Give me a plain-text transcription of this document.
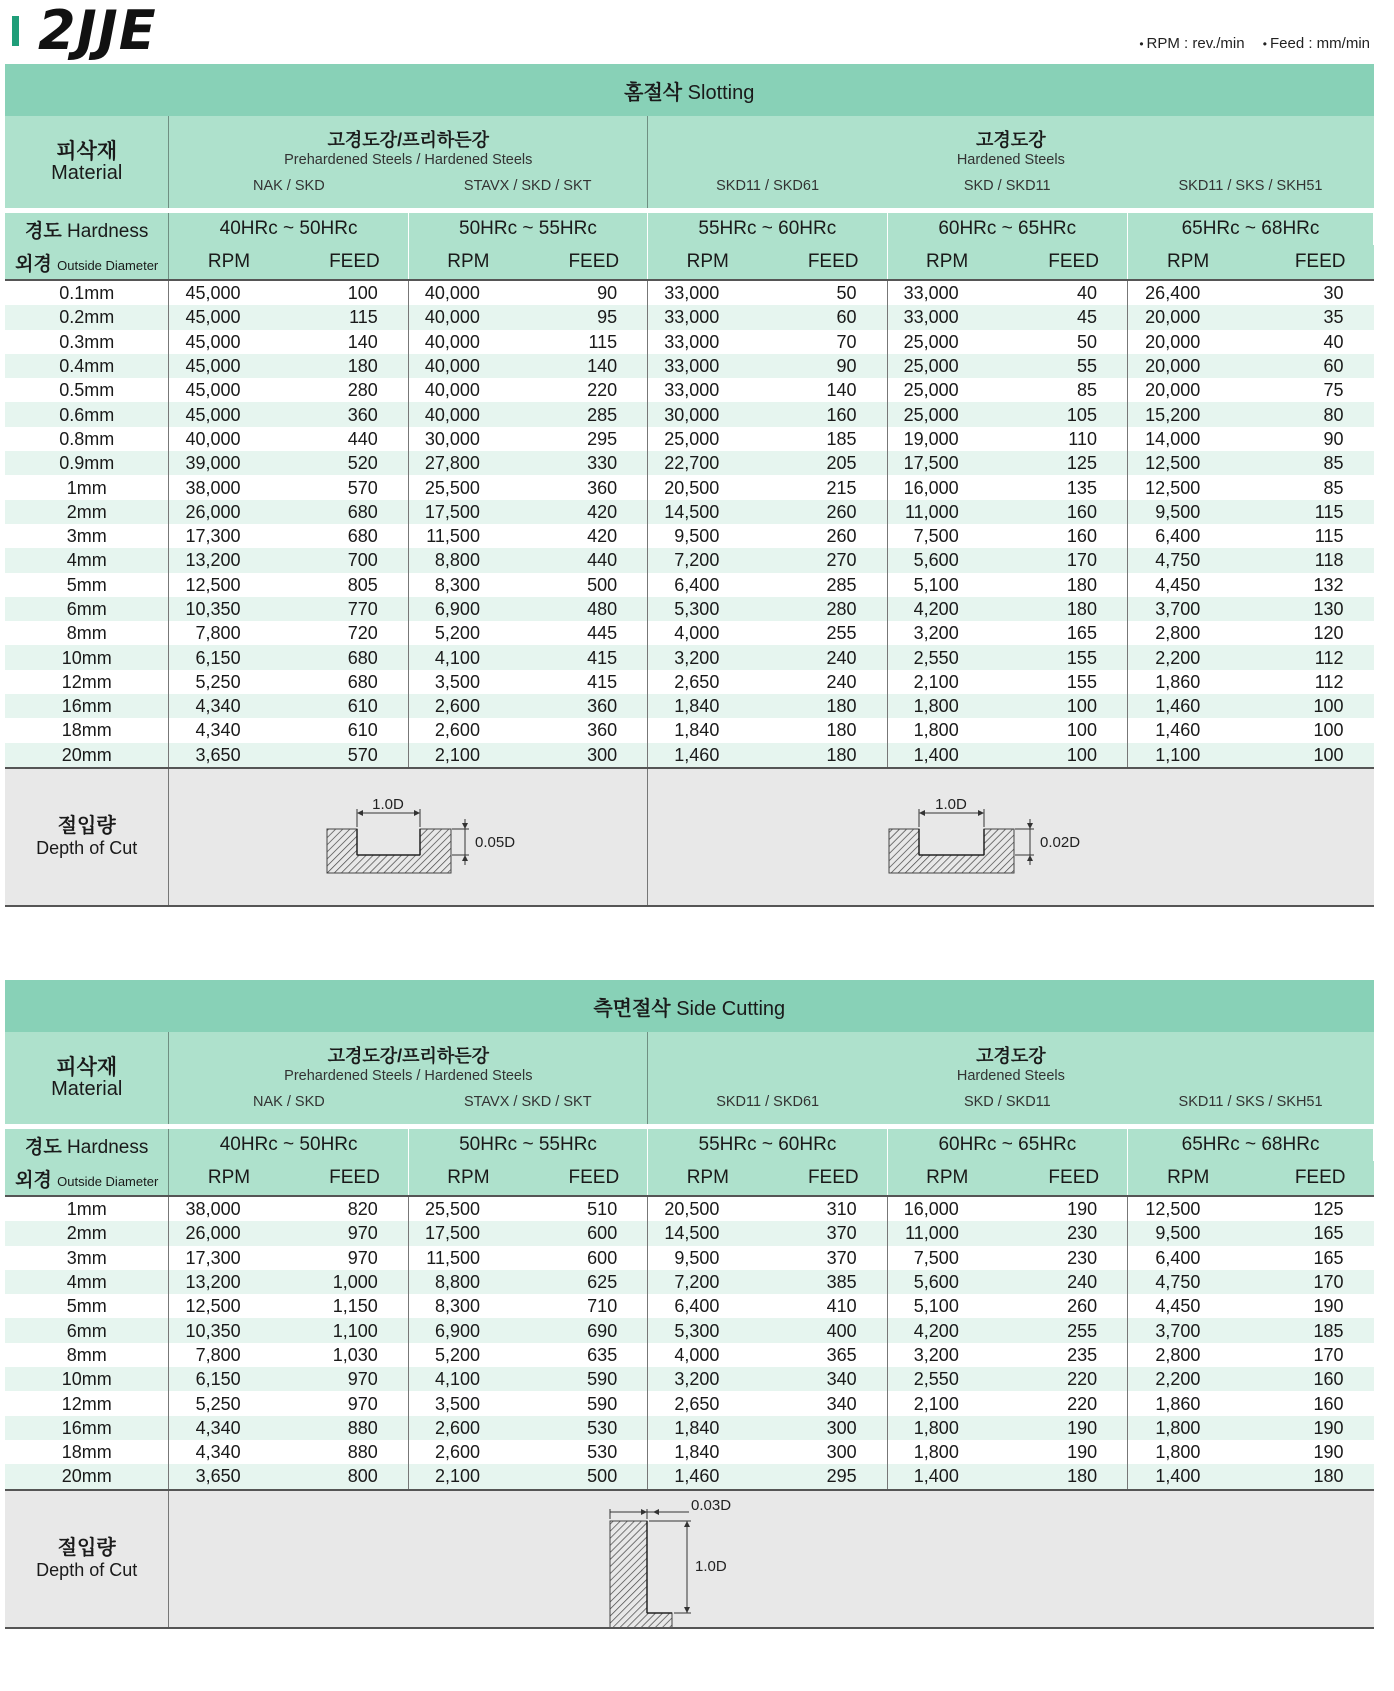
2JJE	• RPM : rev./min • Feed : mm/min
홈절삭 Slotting										
피삭재
Material	고경도강/프리하든강
Prehardened Steels / Hardened Steels				고경도강
Hardened Steels					
	NAK / SKD		STAVX / SKD / SKT		SKD11 / SKD61		SKD / SKD11		SKD11 / SKS / SKH51	

경도 Hardness	40HRc ~ 50HRc		50HRc ~ 55HRc		55HRc ~ 60HRc		60HRc ~ 65HRc		65HRc ~ 68HRc	
외경 Outside Diameter	RPM	FEED	RPM	FEED	RPM	FEED	RPM	FEED	RPM	FEED
0.1mm	45,000	100	40,000	90	33,000	50	33,000	40	26,400	30
0.2mm	45,000	115	40,000	95	33,000	60	33,000	45	20,000	35
0.3mm	45,000	140	40,000	115	33,000	70	25,000	50	20,000	40
0.4mm	45,000	180	40,000	140	33,000	90	25,000	55	20,000	60
0.5mm	45,000	280	40,000	220	33,000	140	25,000	85	20,000	75
0.6mm	45,000	360	40,000	285	30,000	160	25,000	105	15,200	80
0.8mm	40,000	440	30,000	295	25,000	185	19,000	110	14,000	90
0.9mm	39,000	520	27,800	330	22,700	205	17,500	125	12,500	85
1mm	38,000	570	25,500	360	20,500	215	16,000	135	12,500	85
2mm	26,000	680	17,500	420	14,500	260	11,000	160	9,500	115
3mm	17,300	680	11,500	420	9,500	260	7,500	160	6,400	115
4mm	13,200	700	8,800	440	7,200	270	5,600	170	4,750	118
5mm	12,500	805	8,300	500	6,400	285	5,100	180	4,450	132
6mm	10,350	770	6,900	480	5,300	280	4,200	180	3,700	130
8mm	7,800	720	5,200	445	4,000	255	3,200	165	2,800	120
10mm	6,150	680	4,100	415	3,200	240	2,550	155	2,200	112
12mm	5,250	680	3,500	415	2,650	240	2,100	155	1,860	112
16mm	4,340	610	2,600	360	1,840	180	1,800	100	1,460	100
18mm	4,340	610	2,600	360	1,840	180	1,800	100	1,460	100
20mm	3,650	570	2,100	300	1,460	180	1,400	100	1,100	100
절입량
Depth of Cut	1.0D
0.05D				1.0D
0.02D					
측면절삭 Side Cutting										
피삭재
Material	고경도강/프리하든강
Prehardened Steels / Hardened Steels				고경도강
Hardened Steels					
	NAK / SKD		STAVX / SKD / SKT		SKD11 / SKD61		SKD / SKD11		SKD11 / SKS / SKH51	

경도 Hardness	40HRc ~ 50HRc		50HRc ~ 55HRc		55HRc ~ 60HRc		60HRc ~ 65HRc		65HRc ~ 68HRc	
외경 Outside Diameter	RPM	FEED	RPM	FEED	RPM	FEED	RPM	FEED	RPM	FEED
1mm	38,000	820	25,500	510	20,500	310	16,000	190	12,500	125
2mm	26,000	970	17,500	600	14,500	370	11,000	230	9,500	165
3mm	17,300	970	11,500	600	9,500	370	7,500	230	6,400	165
4mm	13,200	1,000	8,800	625	7,200	385	5,600	240	4,750	170
5mm	12,500	1,150	8,300	710	6,400	410	5,100	260	4,450	190
6mm	10,350	1,100	6,900	690	5,300	400	4,200	255	3,700	185
8mm	7,800	1,030	5,200	635	4,000	365	3,200	235	2,800	170
10mm	6,150	970	4,100	590	3,200	340	2,550	220	2,200	160
12mm	5,250	970	3,500	590	2,650	340	2,100	220	1,860	160
16mm	4,340	880	2,600	530	1,840	300	1,800	190	1,800	190
18mm	4,340	880	2,600	530	1,840	300	1,800	190	1,800	190
20mm	3,650	800	2,100	500	1,460	295	1,400	180	1,400	180
절입량
Depth of Cut	0.03D
1.0D									
